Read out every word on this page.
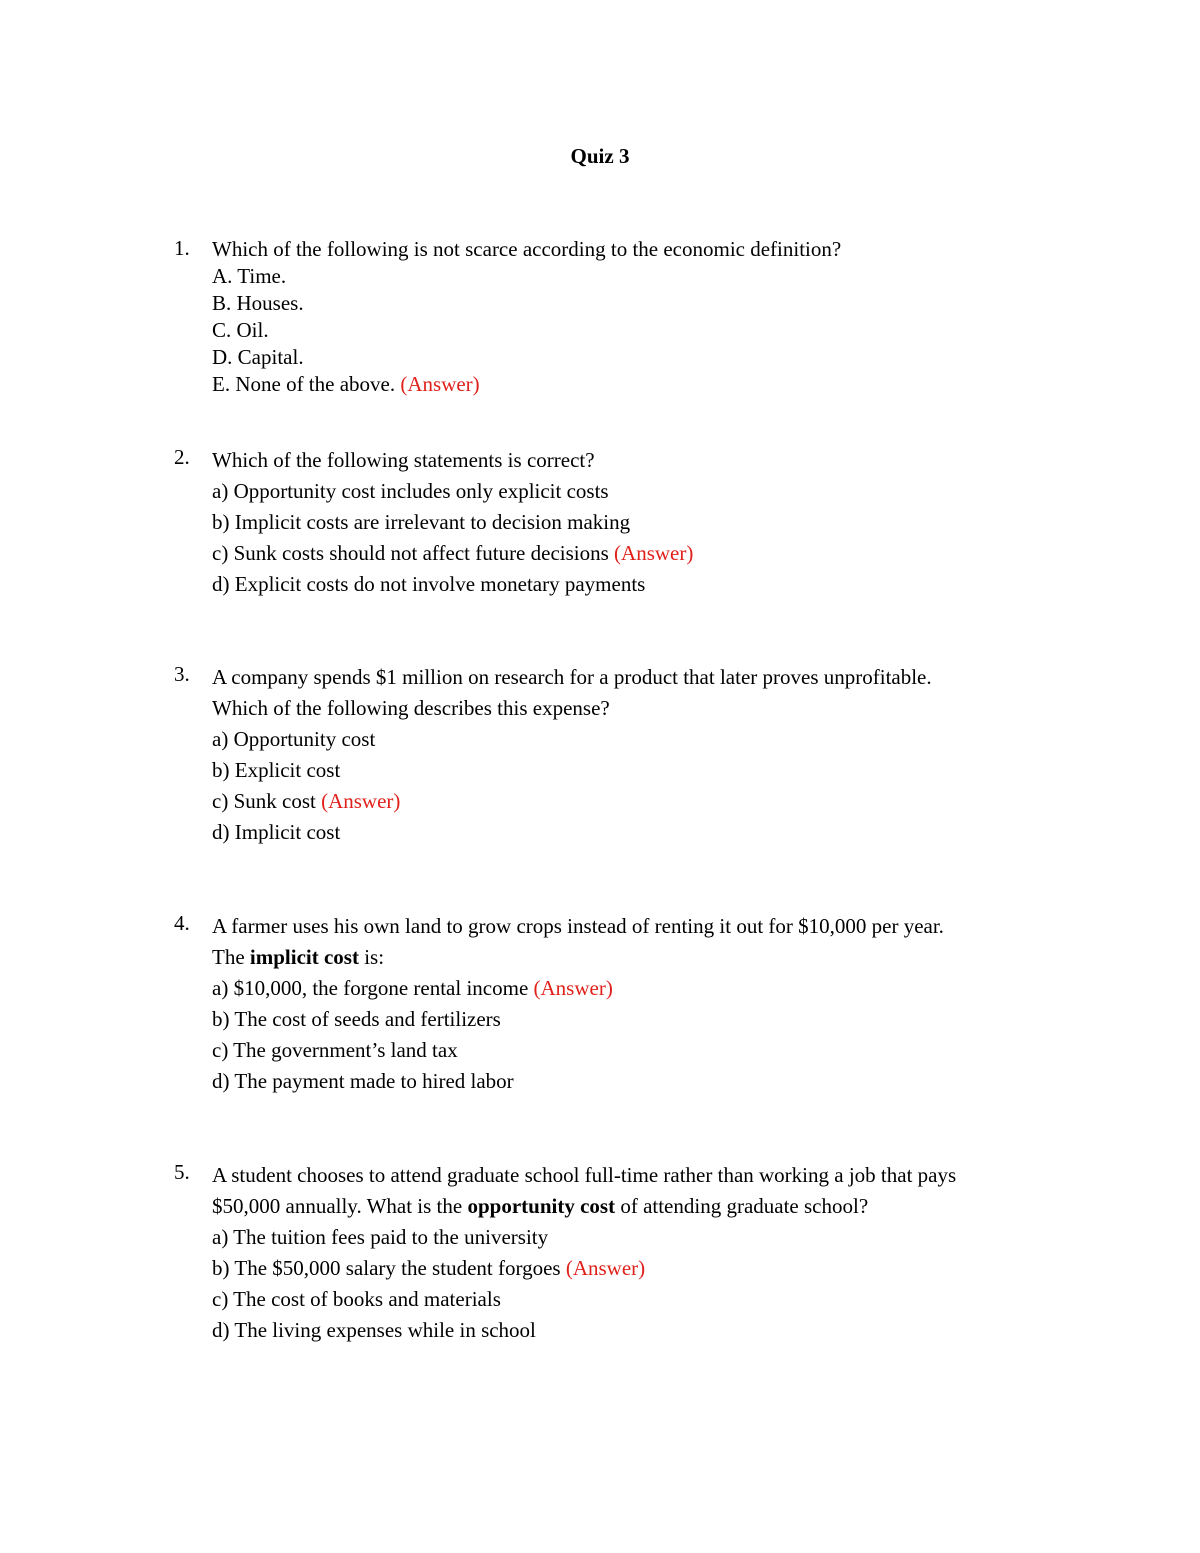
Quiz 3
1. Which of the following is not scarce according to the economic definition?
A. Time.
B. Houses.
C. Oil.
D. Capital.
E. None of the above. (Answer)
2. Which of the following statements is correct?
a) Opportunity cost includes only explicit costs
b) Implicit costs are irrelevant to decision making
c) Sunk costs should not affect future decisions (Answer)
d) Explicit costs do not involve monetary payments
3. A company spends $1 million on research for a product that later proves unprofitable.
Which of the following describes this expense?
a) Opportunity cost
b) Explicit cost
c) Sunk cost (Answer)
d) Implicit cost
4. A farmer uses his own land to grow crops instead of renting it out for $10,000 per year.
The implicit cost is:
a) $10,000, the forgone rental income (Answer)
b) The cost of seeds and fertilizers
c) The government’s land tax
d) The payment made to hired labor
5. A student chooses to attend graduate school full-time rather than working a job that pays
$50,000 annually. What is the opportunity cost of attending graduate school?
a) The tuition fees paid to the university
b) The $50,000 salary the student forgoes (Answer)
c) The cost of books and materials
d) The living expenses while in school
